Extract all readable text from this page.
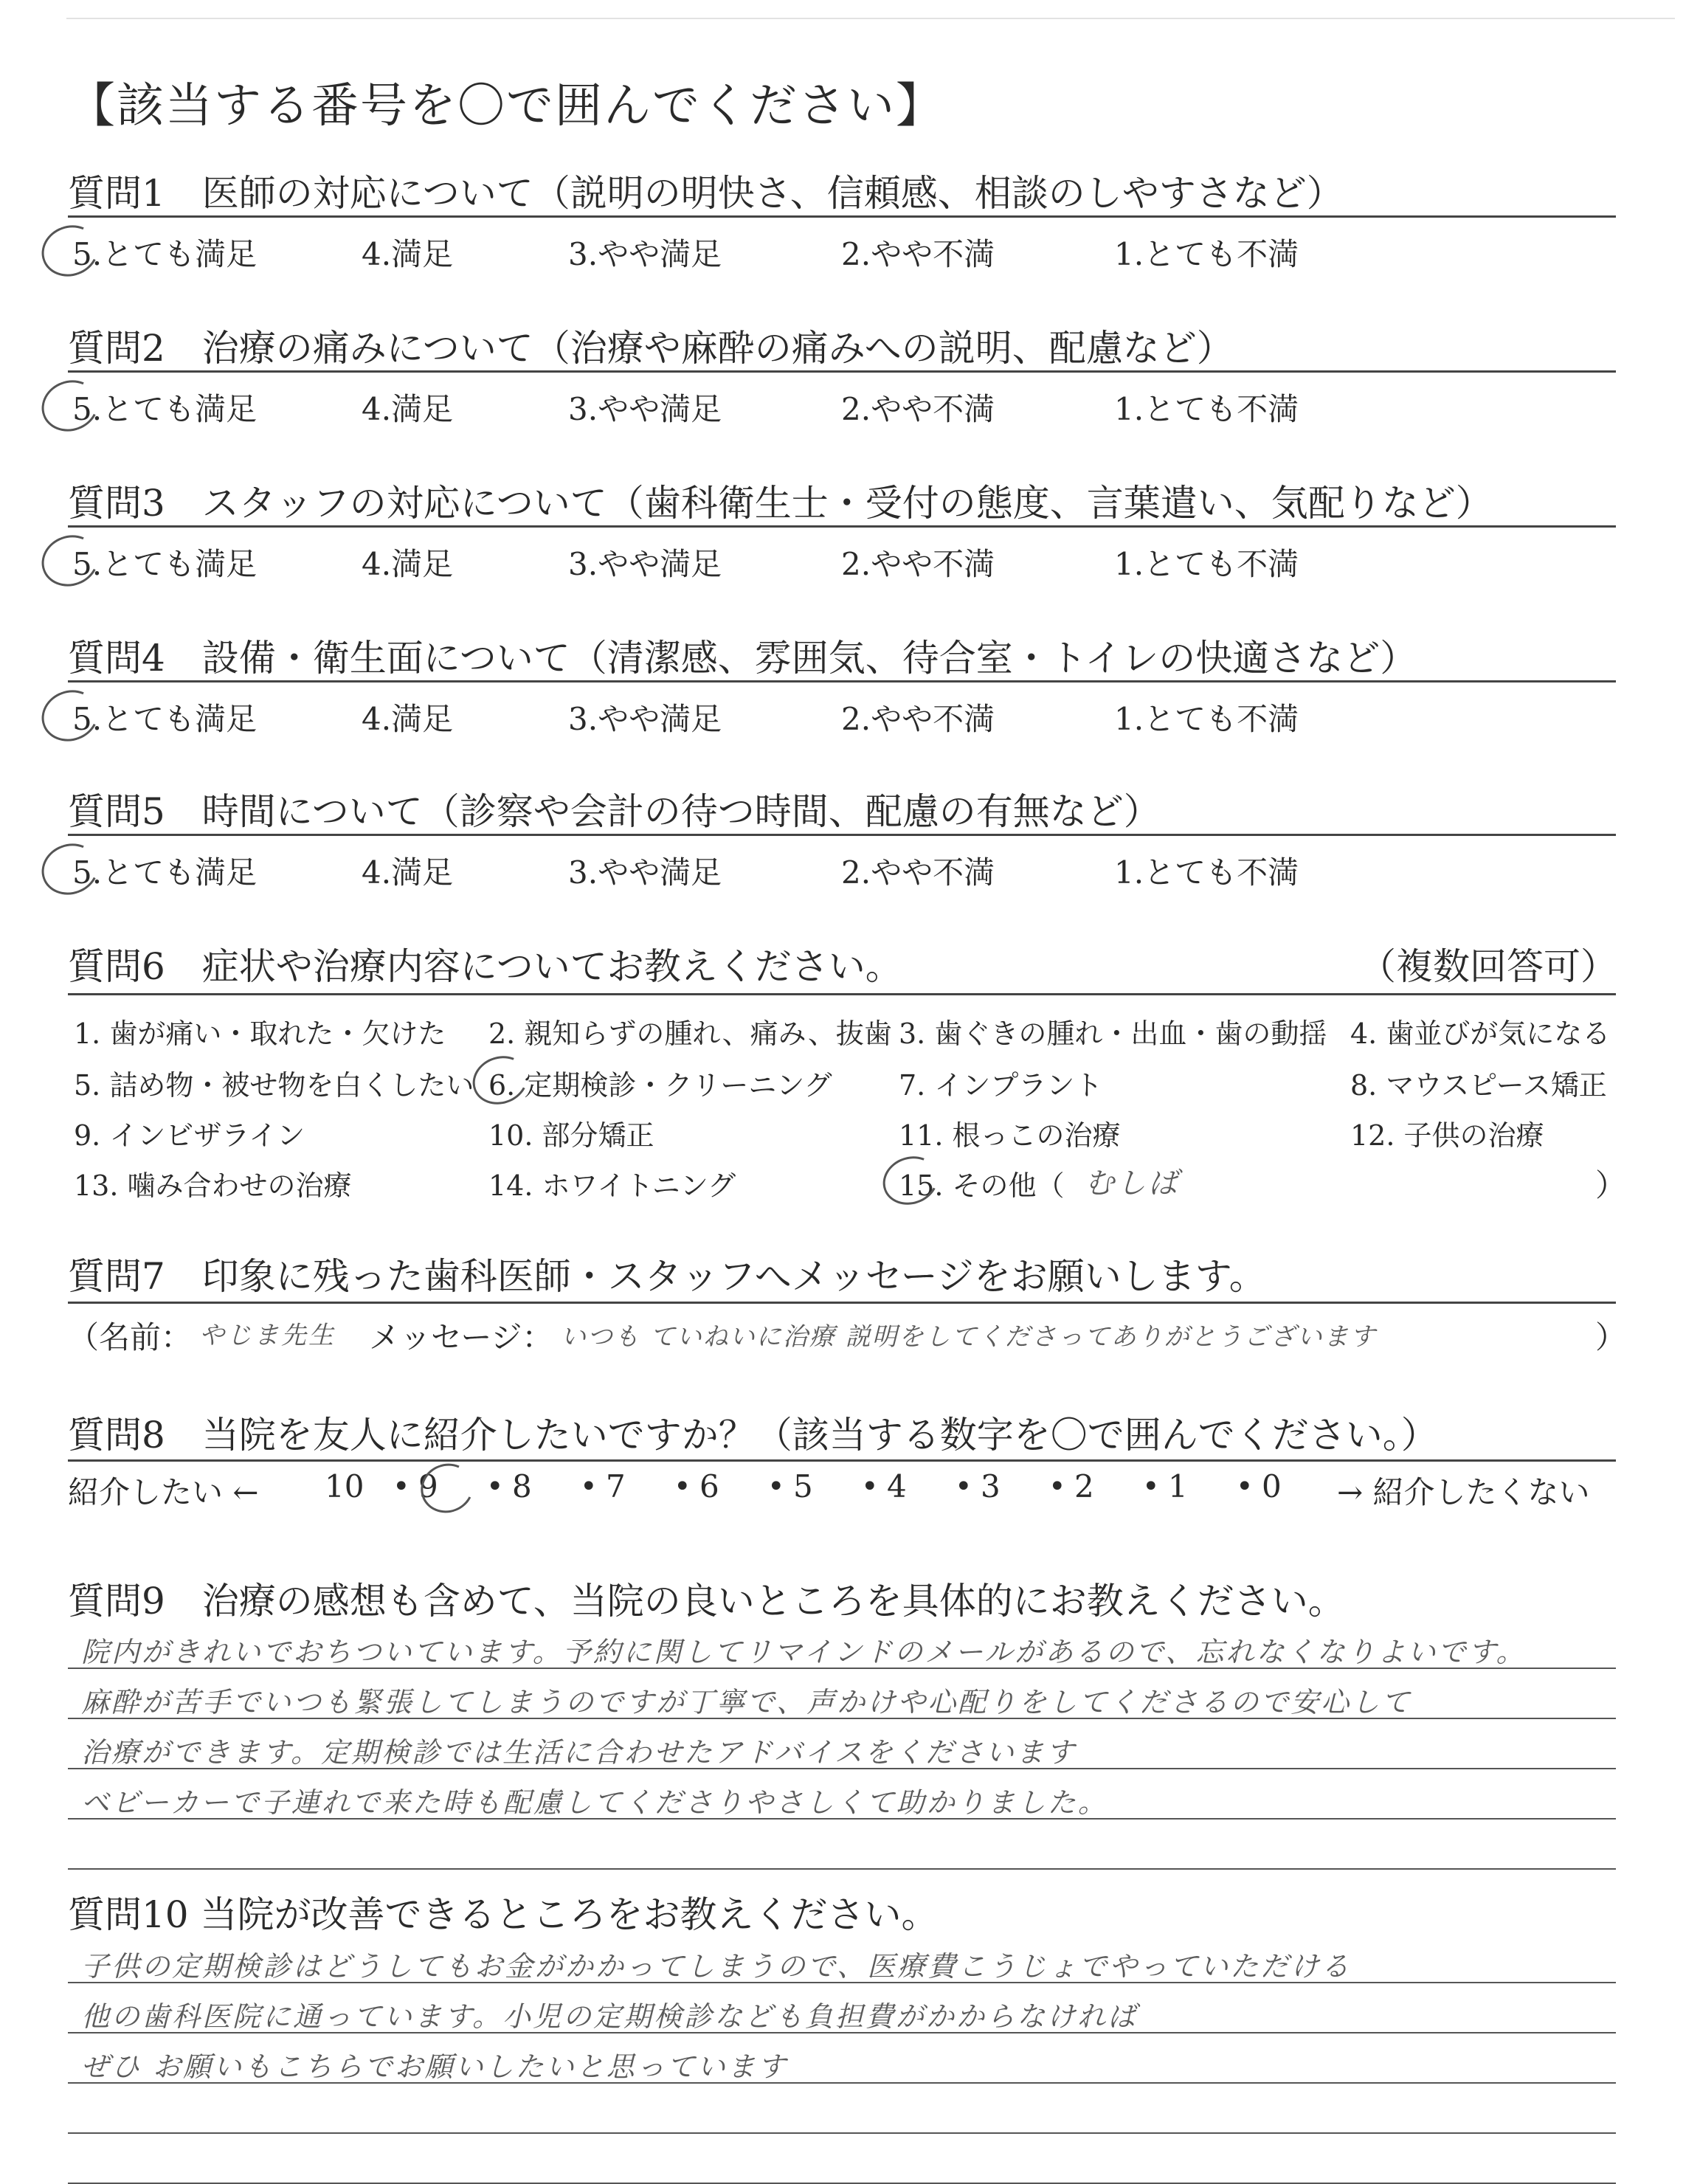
【該当する番号を〇で囲んでください】
質問1　医師の対応について（説明の明快さ、信頼感、相談のしやすさなど）
5.とても満足	4.満足	3.やや満足	2.やや不満	1.とても不満
質問2　治療の痛みについて（治療や麻酔の痛みへの説明、配慮など）
5.とても満足	4.満足	3.やや満足	2.やや不満	1.とても不満
質問3　スタッフの対応について（歯科衛生士・受付の態度、言葉遣い、気配りなど）
5.とても満足	4.満足	3.やや満足	2.やや不満	1.とても不満
質問4　設備・衛生面について（清潔感、雰囲気、待合室・トイレの快適さなど）
5.とても満足	4.満足	3.やや満足	2.やや不満	1.とても不満
質問5　時間について（診察や会計の待つ時間、配慮の有無など）
5.とても満足	4.満足	3.やや満足	2.やや不満	1.とても不満
質問6　症状や治療内容についてお教えください。	（複数回答可）
1. 歯が痛い・取れた・欠けた 2. 親知らずの腫れ、痛み、抜歯 3. 歯ぐきの腫れ・出血・歯の動揺 4. 歯並びが気になる
5. 詰め物・被せ物を白くしたい 6. 定期検診・クリーニング 7. インプラント	8. マウスピース矯正
9. インビザライン	10. 部分矯正	11. 根っこの治療	12. 子供の治療
13. 噛み合わせの治療	14. ホワイトニング	15. その他（ むしば	）
質問7　印象に残った歯科医師・スタッフへメッセージをお願いします。
（名前： やじま先生 メッセージ： いつも ていねいに治療 説明をしてくださってありがとうございます	）
質問8　当院を友人に紹介したいですか？（該当する数字を〇で囲んでください。）
紹介したい ← 10 • 9 • 8 • 7 • 6 • 5 • 4 • 3 • 2 • 1 • 0 → 紹介したくない
質問9　治療の感想も含めて、当院の良いところを具体的にお教えください。
院内がきれいでおちついています。予約に関してリマインドのメールがあるので、忘れなくなりよいです。
麻酔が苦手でいつも緊張してしまうのですが丁寧で、声かけや心配りをしてくださるので安心して
治療ができます。定期検診では生活に合わせたアドバイスをくださいます
ベビーカーで子連れで来た時も配慮してくださりやさしくて助かりました。
質問10 当院が改善できるところをお教えください。
子供の定期検診はどうしてもお金がかかってしまうので、医療費こうじょでやっていただける
他の歯科医院に通っています。小児の定期検診なども負担費がかからなければ
ぜひ お願いもこちらでお願いしたいと思っています
